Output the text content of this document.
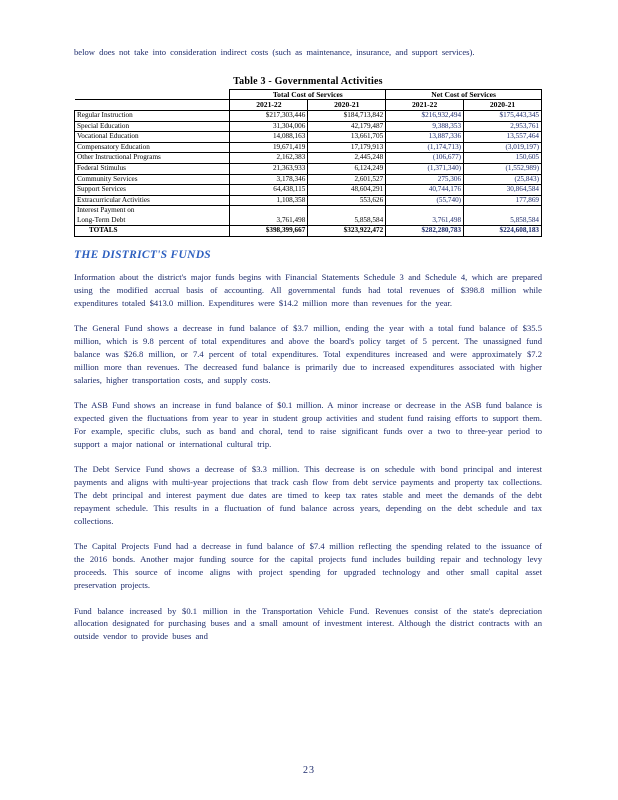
below does not take into consideration indirect costs (such as maintenance, insurance, and support services).

Table 3 - Governmental Activities
	Total Cost of Services		Net Cost of Services	
	2021-22	2020-21	2021-22	2020-21
Regular Instruction	$217,303,446	$184,713,842	$216,932,494	$175,443,345
Special Education	31,304,006	42,179,487	9,388,353	2,953,761
Vocational Education	14,088,163	13,661,705	13,887,336	13,557,464
Compensatory Education	19,671,419	17,179,913	(1,174,713)	(3,019,197)
Other Instructional Programs	2,162,383	2,445,248	(106,677)	150,605
Federal Stimulus	21,363,933	6,124,249	(1,371,340)	(1,552,989)
Community Services	3,178,346	2,601,527	275,306	(25,843)
Support Services	64,438,115	48,604,291	40,744,176	30,864,584
Extracurricular Activities	1,108,358	553,626	(55,740)	177,869
Interest Payment on
Long-Term Debt	3,761,498	5,858,584	3,761,498	5,858,584
TOTALS	$398,399,667	$323,922,472	$282,280,783	$224,608,183
THE DISTRICT'S FUNDS

Information about the district's major funds begins with Financial Statements Schedule 3 and Schedule 4, which are prepared using the modified accrual basis of accounting. All governmental funds had total revenues of $398.8 million while expenditures totaled $413.0 million. Expenditures were $14.2 million more than revenues for the year.

The General Fund shows a decrease in fund balance of $3.7 million, ending the year with a total fund balance of $35.5 million, which is 9.8 percent of total expenditures and above the board's policy target of 5 percent. The unassigned fund balance was $26.8 million, or 7.4 percent of total expenditures. Total expenditures increased and were approximately $7.2 million more than revenues. The decreased fund balance is primarily due to increased expenditures associated with higher salaries, higher transportation costs, and supply costs.

The ASB Fund shows an increase in fund balance of $0.1 million. A minor increase or decrease in the ASB fund balance is expected given the fluctuations from year to year in student group activities and student fund raising efforts to support them. For example, specific clubs, such as band and choral, tend to raise significant funds over a two to three-year period to support a major national or international cultural trip.

The Debt Service Fund shows a decrease of $3.3 million. This decrease is on schedule with bond principal and interest payments and aligns with multi-year projections that track cash flow from debt service payments and property tax collections. The debt principal and interest payment due dates are timed to keep tax rates stable and meet the demands of the debt repayment schedule. This results in a fluctuation of fund balance across years, depending on the debt schedule and tax collections.

The Capital Projects Fund had a decrease in fund balance of $7.4 million reflecting the spending related to the issuance of the 2016 bonds. Another major funding source for the capital projects fund includes building repair and technology levy proceeds. This source of income aligns with project spending for upgraded technology and other small capital asset preservation projects.

Fund balance increased by $0.1 million in the Transportation Vehicle Fund. Revenues consist of the state's depreciation allocation designated for purchasing buses and a small amount of investment interest. Although the district contracts with an outside vendor to provide buses and

23
